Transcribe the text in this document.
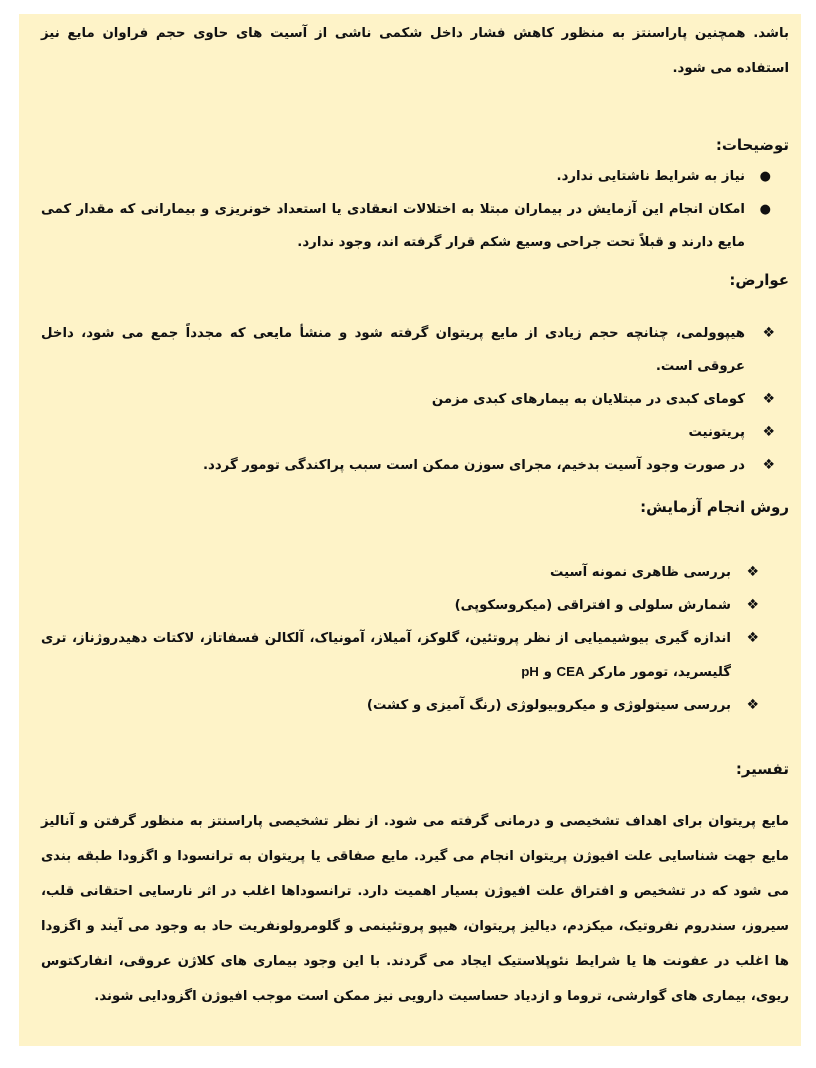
باشد. همچنین پاراسنتز به منظور کاهش فشار داخل شکمی ناشی از آسیت های حاوی حجم فراوان مایع نیز استفاده می شود.

توضیحات:
●
نیاز به شرایط ناشتایی ندارد.
●
امکان انجام این آزمایش در بیماران مبتلا به اختلالات انعقادی یا استعداد خونریزی و بیمارانی که مقدار کمی مایع دارند و قبلاً تحت جراحی وسیع شکم قرار گرفته اند، وجود ندارد.
عوارض:
❖
هیپوولمی، چنانچه حجم زیادی از مایع پریتوان گرفته شود و منشأ مایعی که مجدداً جمع می شود، داخل عروقی است.
❖
کومای کبدی در مبتلایان به بیمارهای کبدی مزمن
❖
پریتونیت
❖
در صورت وجود آسیت بدخیم، مجرای سوزن ممکن است سبب پراکندگی تومور گردد.
روش انجام آزمایش:
❖
بررسی ظاهری نمونه آسیت
❖
شمارش سلولی و افتراقی (میکروسکوپی)
❖
اندازه گیری بیوشیمیایی از نظر پروتئین، گلوکز، آمیلاز، آمونیاک، آلکالن فسفاتاز، لاکتات دهیدروژناز، تری گلیسرید، تومور مارکر CEA و pH
❖
بررسی سیتولوژی و میکروبیولوژی (رنگ آمیزی و کشت)
تفسیر:

مایع پریتوان برای اهداف تشخیصی و درمانی گرفته می شود. از نظر تشخیصی پاراسنتز به منظور گرفتن و آنالیز مایع جهت شناسایی علت افیوژن پریتوان انجام می گیرد. مایع صفاقی یا پریتوان به ترانسودا و اگزودا طبقه بندی می شود که در تشخیص و افتراق علت افیوژن بسیار اهمیت دارد. ترانسوداها اغلب در اثر نارسایی احتقانی قلب، سیروز، سندروم نفروتیک، میکزدم، دیالیز پریتوان، هیپو پروتئینمی و گلومرولونفریت حاد به وجود می آیند و اگزودا ها اغلب در عفونت ها یا شرایط نئوپلاستیک ایجاد می گردند. با این وجود بیماری های کلاژن عروقی، انفارکتوس ریوی، بیماری های گوارشی، تروما و ازدیاد حساسیت دارویی نیز ممکن است موجب افیوژن اگزودایی شوند.
